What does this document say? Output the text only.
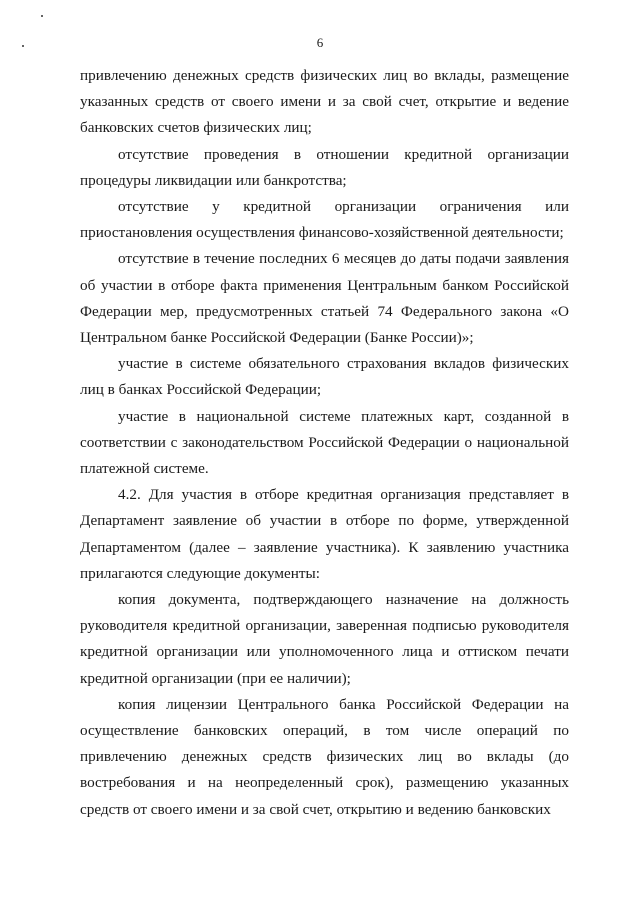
6

привлечению денежных средств физических лиц во вклады, размещение указанных средств от своего имени и за свой счет, открытие и ведение банковских счетов физических лиц;

отсутствие проведения в отношении кредитной организации процедуры ликвидации или банкротства;

отсутствие у кредитной организации ограничения или приостановления осуществления финансово-хозяйственной деятельности;

отсутствие в течение последних 6 месяцев до даты подачи заявления об участии в отборе факта применения Центральным банком Российской Федерации мер, предусмотренных статьей 74 Федерального закона «О Центральном банке Российской Федерации (Банке России)»;

участие в системе обязательного страхования вкладов физических лиц в банках Российской Федерации;

участие в национальной системе платежных карт, созданной в соответствии с законодательством Российской Федерации о национальной платежной системе.

4.2. Для участия в отборе кредитная организация представляет в Департамент заявление об участии в отборе по форме, утвержденной Департаментом (далее – заявление участника). К заявлению участника прилагаются следующие документы:

копия документа, подтверждающего назначение на должность руководителя кредитной организации, заверенная подписью руководителя кредитной организации или уполномоченного лица и оттиском печати кредитной организации (при ее наличии);

копия лицензии Центрального банка Российской Федерации на осуществление банковских операций, в том числе операций по привлечению денежных средств физических лиц во вклады (до востребования и на неопределенный срок), размещению указанных средств от своего имени и за свой счет, открытию и ведению банковских
